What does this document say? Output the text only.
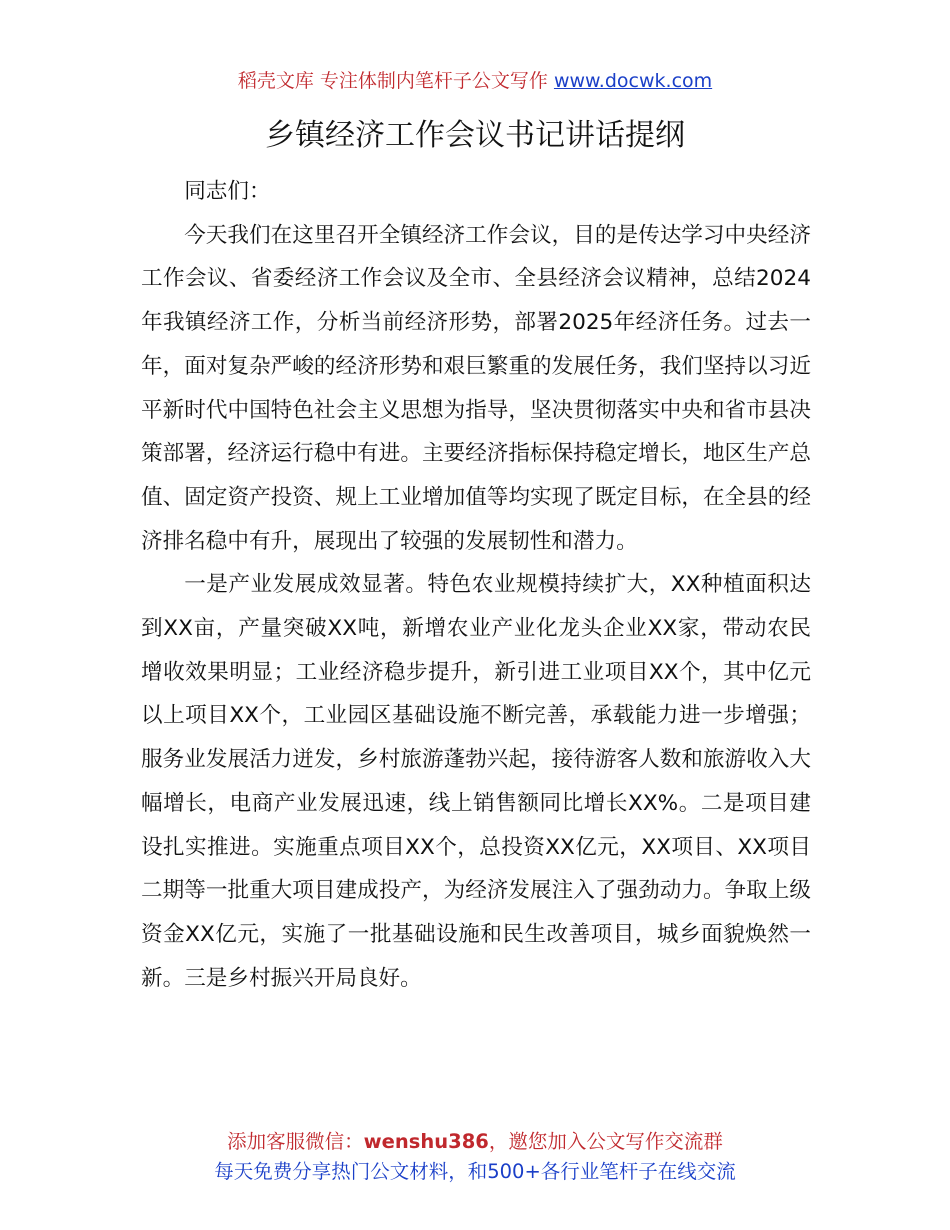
稻壳文库 专注体制内笔杆子公文写作 www.docwk.com
乡镇经济工作会议书记讲话提纲

同志们：

今天我们在这里召开全镇经济工作会议，目的是传达学习中央经济工作会议、省委经济工作会议及全市、全县经济会议精神，总结2024年我镇经济工作，分析当前经济形势，部署2025年经济任务。过去一年，面对复杂严峻的经济形势和艰巨繁重的发展任务，我们坚持以习近平新时代中国特色社会主义思想为指导，坚决贯彻落实中央和省市县决策部署，经济运行稳中有进。主要经济指标保持稳定增长，地区生产总值、固定资产投资、规上工业增加值等均实现了既定目标，在全县的经济排名稳中有升，展现出了较强的发展韧性和潜力。

一是产业发展成效显著。特色农业规模持续扩大，XX种植面积达到XX亩，产量突破XX吨，新增农业产业化龙头企业XX家，带动农民增收效果明显；工业经济稳步提升，新引进工业项目XX个，其中亿元以上项目XX个，工业园区基础设施不断完善，承载能力进一步增强；服务业发展活力迸发，乡村旅游蓬勃兴起，接待游客人数和旅游收入大幅增长，电商产业发展迅速，线上销售额同比增长XX%。二是项目建设扎实推进。实施重点项目XX个，总投资XX亿元，XX项目、XX项目二期等一批重大项目建成投产，为经济发展注入了强劲动力。争取上级资金XX亿元，实施了一批基础设施和民生改善项目，城乡面貌焕然一新。三是乡村振兴开局良好。

添加客服微信：wenshu386，邀您加入公文写作交流群
每天免费分享热门公文材料，和500+各行业笔杆子在线交流
